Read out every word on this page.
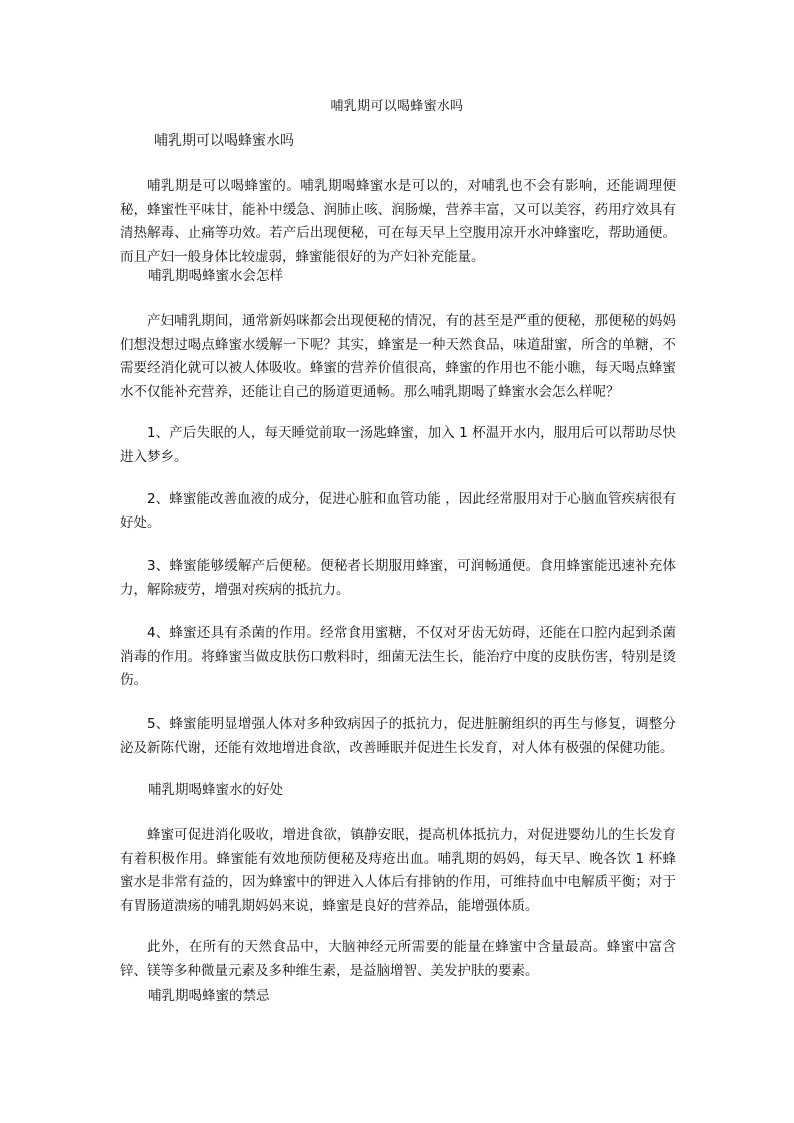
哺乳期可以喝蜂蜜水吗
哺乳期可以喝蜂蜜水吗

哺乳期是可以喝蜂蜜的。哺乳期喝蜂蜜水是可以的，对哺乳也不会有影响，还能调理便秘，蜂蜜性平味甘，能补中缓急、润肺止咳、润肠燥，营养丰富，又可以美容，药用疗效具有清热解毒、止痛等功效。若产后出现便秘，可在每天早上空腹用凉开水冲蜂蜜吃，帮助通便。而且产妇一般身体比较虚弱，蜂蜜能很好的为产妇补充能量。

哺乳期喝蜂蜜水会怎样

产妇哺乳期间，通常新妈咪都会出现便秘的情况，有的甚至是严重的便秘，那便秘的妈妈们想没想过喝点蜂蜜水缓解一下呢？其实，蜂蜜是一种天然食品，味道甜蜜，所含的单糖，不需要经消化就可以被人体吸收。蜂蜜的营养价值很高，蜂蜜的作用也不能小瞧，每天喝点蜂蜜水不仅能补充营养，还能让自己的肠道更通畅。那么哺乳期喝了蜂蜜水会怎么样呢？

1、产后失眠的人，每天睡觉前取一汤匙蜂蜜，加入 1 杯温开水内，服用后可以帮助尽快进入梦乡。

2、蜂蜜能改善血液的成分，促进心脏和血管功能 ，因此经常服用对于心脑血管疾病很有好处。

3、蜂蜜能够缓解产后便秘。便秘者长期服用蜂蜜，可润畅通便。食用蜂蜜能迅速补充体力，解除疲劳，增强对疾病的抵抗力。

4、蜂蜜还具有杀菌的作用。经常食用蜜糖，不仅对牙齿无妨碍，还能在口腔内起到杀菌消毒的作用。将蜂蜜当做皮肤伤口敷料时，细菌无法生长，能治疗中度的皮肤伤害，特别是烫伤。

5、蜂蜜能明显增强人体对多种致病因子的抵抗力，促进脏腑组织的再生与修复，调整分泌及新陈代谢，还能有效地增进食欲，改善睡眠并促进生长发育，对人体有极强的保健功能。

哺乳期喝蜂蜜水的好处

蜂蜜可促进消化吸收，增进食欲，镇静安眠，提高机体抵抗力，对促进婴幼儿的生长发育有着积极作用。蜂蜜能有效地预防便秘及痔疮出血。哺乳期的妈妈，每天早、晚各饮 1 杯蜂蜜水是非常有益的，因为蜂蜜中的钾进入人体后有排钠的作用，可维持血中电解质平衡；对于有胃肠道溃疡的哺乳期妈妈来说，蜂蜜是良好的营养品，能增强体质。

此外，在所有的天然食品中，大脑神经元所需要的能量在蜂蜜中含量最高。蜂蜜中富含锌、镁等多种微量元素及多种维生素，是益脑增智、美发护肤的要素。

哺乳期喝蜂蜜的禁忌
